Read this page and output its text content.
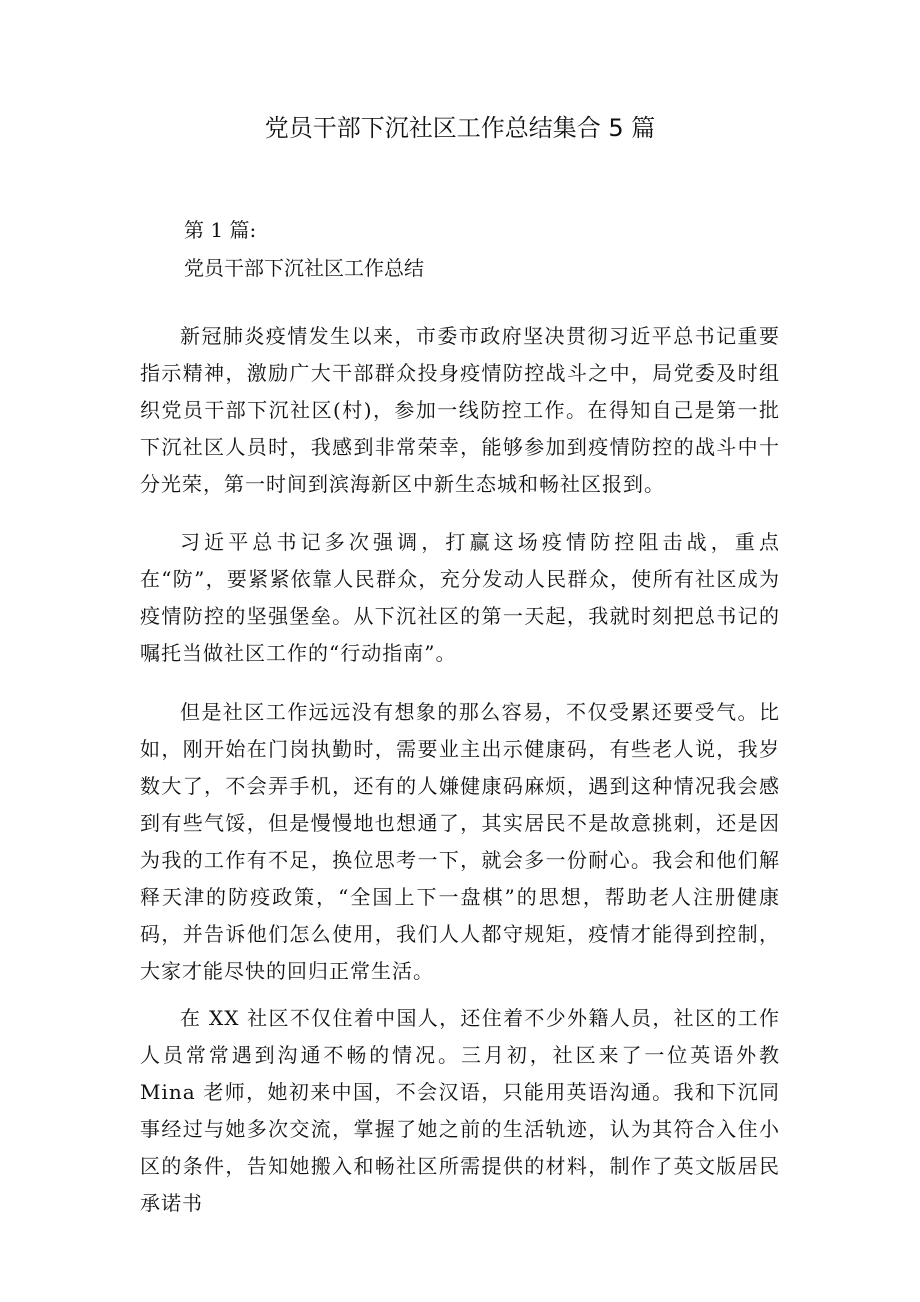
党员干部下沉社区工作总结集合 5 篇
第 1 篇:
党员干部下沉社区工作总结

新冠肺炎疫情发生以来，市委市政府坚决贯彻习近平总书记重要指示精神，激励广大干部群众投身疫情防控战斗之中，局党委及时组织党员干部下沉社区(村)，参加一线防控工作。在得知自己是第一批下沉社区人员时，我感到非常荣幸，能够参加到疫情防控的战斗中十分光荣，第一时间到滨海新区中新生态城和畅社区报到。

习近平总书记多次强调，打赢这场疫情防控阻击战，重点在“防”，要紧紧依靠人民群众，充分发动人民群众，使所有社区成为疫情防控的坚强堡垒。从下沉社区的第一天起，我就时刻把总书记的嘱托当做社区工作的“行动指南”。

但是社区工作远远没有想象的那么容易，不仅受累还要受气。比如，刚开始在门岗执勤时，需要业主出示健康码，有些老人说，我岁数大了，不会弄手机，还有的人嫌健康码麻烦，遇到这种情况我会感到有些气馁，但是慢慢地也想通了，其实居民不是故意挑刺，还是因为我的工作有不足，换位思考一下，就会多一份耐心。我会和他们解释天津的防疫政策，“全国上下一盘棋”的思想，帮助老人注册健康码，并告诉他们怎么使用，我们人人都守规矩，疫情才能得到控制，大家才能尽快的回归正常生活。

在 XX 社区不仅住着中国人，还住着不少外籍人员，社区的工作人员常常遇到沟通不畅的情况。三月初，社区来了一位英语外教 Mina 老师，她初来中国，不会汉语，只能用英语沟通。我和下沉同事经过与她多次交流，掌握了她之前的生活轨迹，认为其符合入住小区的条件，告知她搬入和畅社区所需提供的材料，制作了英文版居民承诺书
